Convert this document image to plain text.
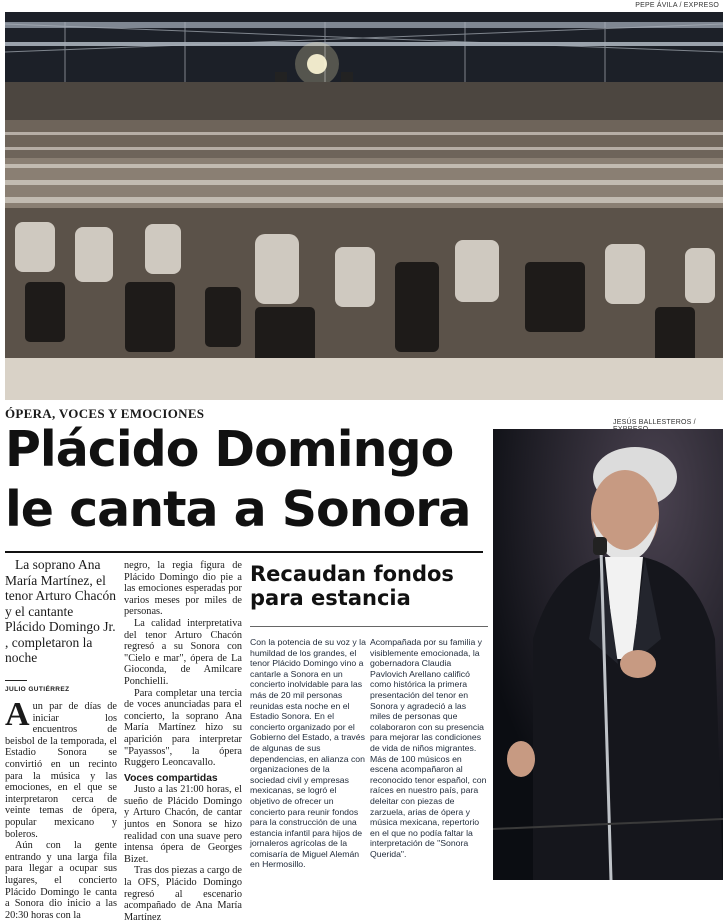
PEPE ÁVILA / EXPRESO
ÓPERA, VOCES Y EMOCIONES
Plácido Domingo le canta a Sonora

La soprano Ana María Martínez, el tenor Arturo Chacón y el cantante Plácido Domingo Jr. , completaron la noche

JULIO GUTIÉRREZ

Aun par de días de iniciar los encuentros de beisbol de la temporada, el Estadio Sonora se convirtió en un recinto para la música y las emociones, en el que se interpretaron cerca de veinte temas de ópera, popular mexicano y boleros.

Aún con la gente entrando y una larga fila para llegar a ocupar sus lugares, el concierto Plácido Domingo le canta a Sonora dio inicio a las 20:30 horas con la

negro, la regia figura de Plácido Domingo dio pie a las emociones esperadas por varios meses por miles de personas.

La calidad interpretativa del tenor Arturo Chacón regresó a su Sonora con "Cielo e mar", ópera de La Gioconda, de Amilcare Ponchielli.

Para completar una tercia de voces anunciadas para el concierto, la soprano Ana María Martínez hizo su aparición para interpretar "Payassos", la ópera Ruggero Leoncavallo.

Voces compartidas

Justo a las 21:00 horas, el sueño de Plácido Domingo y Arturo Chacón, de cantar juntos en Sonora se hizo realidad con una suave pero intensa ópera de Georges Bizet.

Tras dos piezas a cargo de la OFS, Plácido Domingo regresó al escenario acompañado de Ana María Martínez

Recaudan fondos para estancia

Con la potencia de su voz y la humildad de los grandes, el tenor Plácido Domingo vino a cantarle a Sonora en un concierto inolvidable para las más de 20 mil personas reunidas esta noche en el Estadio Sonora. En el concierto organizado por el Gobierno del Estado, a través de algunas de sus dependencias, en alianza con organizaciones de la sociedad civil y empresas mexicanas, se logró el objetivo de ofrecer un concierto para reunir fondos para la construcción de una estancia infantil para hijos de jornaleros agrícolas de la comisaría de Miguel Alemán en Hermosillo.

Acompañada por su familia y visiblemente emocionada, la gobernadora Claudia Pavlovich Arellano calificó como histórica la primera presentación del tenor en Sonora y agradeció a las miles de personas que colaboraron con su presencia para mejorar las condiciones de vida de niños migrantes. Más de 100 músicos en escena acompañaron al reconocido tenor español, con raíces en nuestro país, para deleitar con piezas de zarzuela, arias de ópera y música mexicana, repertorio en el que no podía faltar la interpretación de "Sonora Querida".

JESÚS BALLESTEROS /
